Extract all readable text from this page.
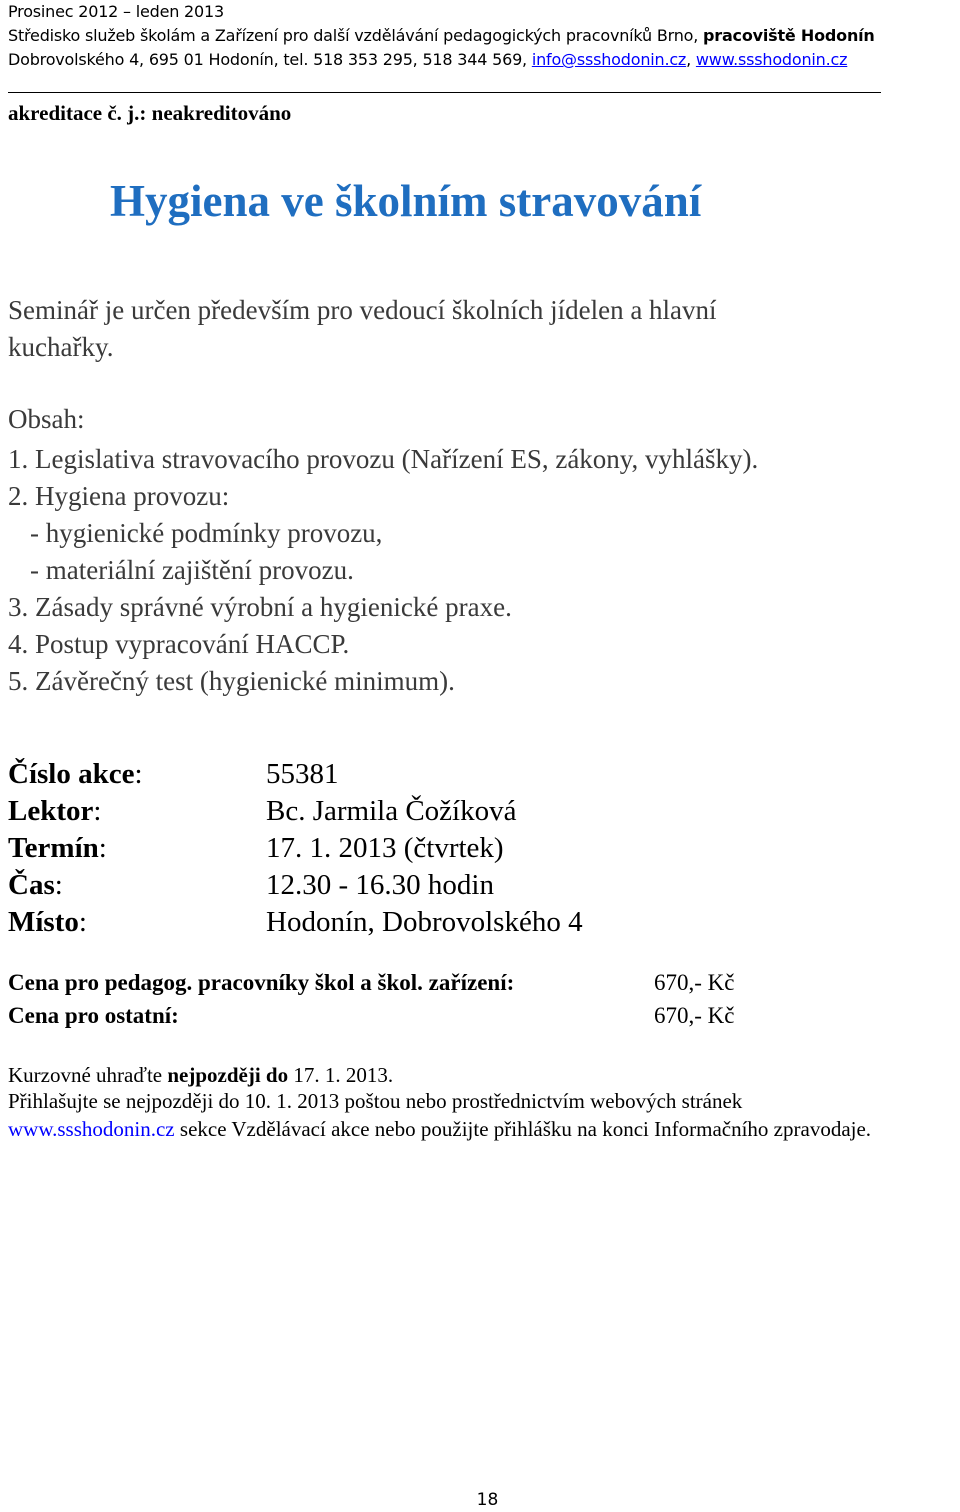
Prosinec 2012 – leden 2013
Středisko služeb školám a Zařízení pro další vzdělávání pedagogických pracovníků Brno, pracoviště Hodonín
Dobrovolského 4, 695 01 Hodonín, tel. 518 353 295, 518 344 569, info@ssshodonin.cz, www.ssshodonin.cz
akreditace č. j.: neakreditováno
Hygiena ve školním stravování
Seminář je určen především pro vedoucí školních jídelen a hlavní
kuchařky.
Obsah:
1. Legislativa stravovacího provozu (Nařízení ES, zákony, vyhlášky).
2. Hygiena provozu:
- hygienické podmínky provozu,
- materiální zajištění provozu.
3. Zásady správné výrobní a hygienické praxe.
4. Postup vypracování HACCP.
5. Závěrečný test (hygienické minimum).
Číslo akce:	55381
Lektor:	Bc. Jarmila Čožíková
Termín:	17. 1. 2013 (čtvrtek)
Čas:	12.30 - 16.30 hodin
Místo:	Hodonín, Dobrovolského 4
Cena pro pedagog. pracovníky škol a škol. zařízení:	670,- Kč
Cena pro ostatní:	670,- Kč
Kurzovné uhraďte nejpozději do 17. 1. 2013.
Přihlašujte se nejpozději do 10. 1. 2013 poštou nebo prostřednictvím webových stránek
www.ssshodonin.cz sekce Vzdělávací akce nebo použijte přihlášku na konci Informačního zpravodaje.
18
